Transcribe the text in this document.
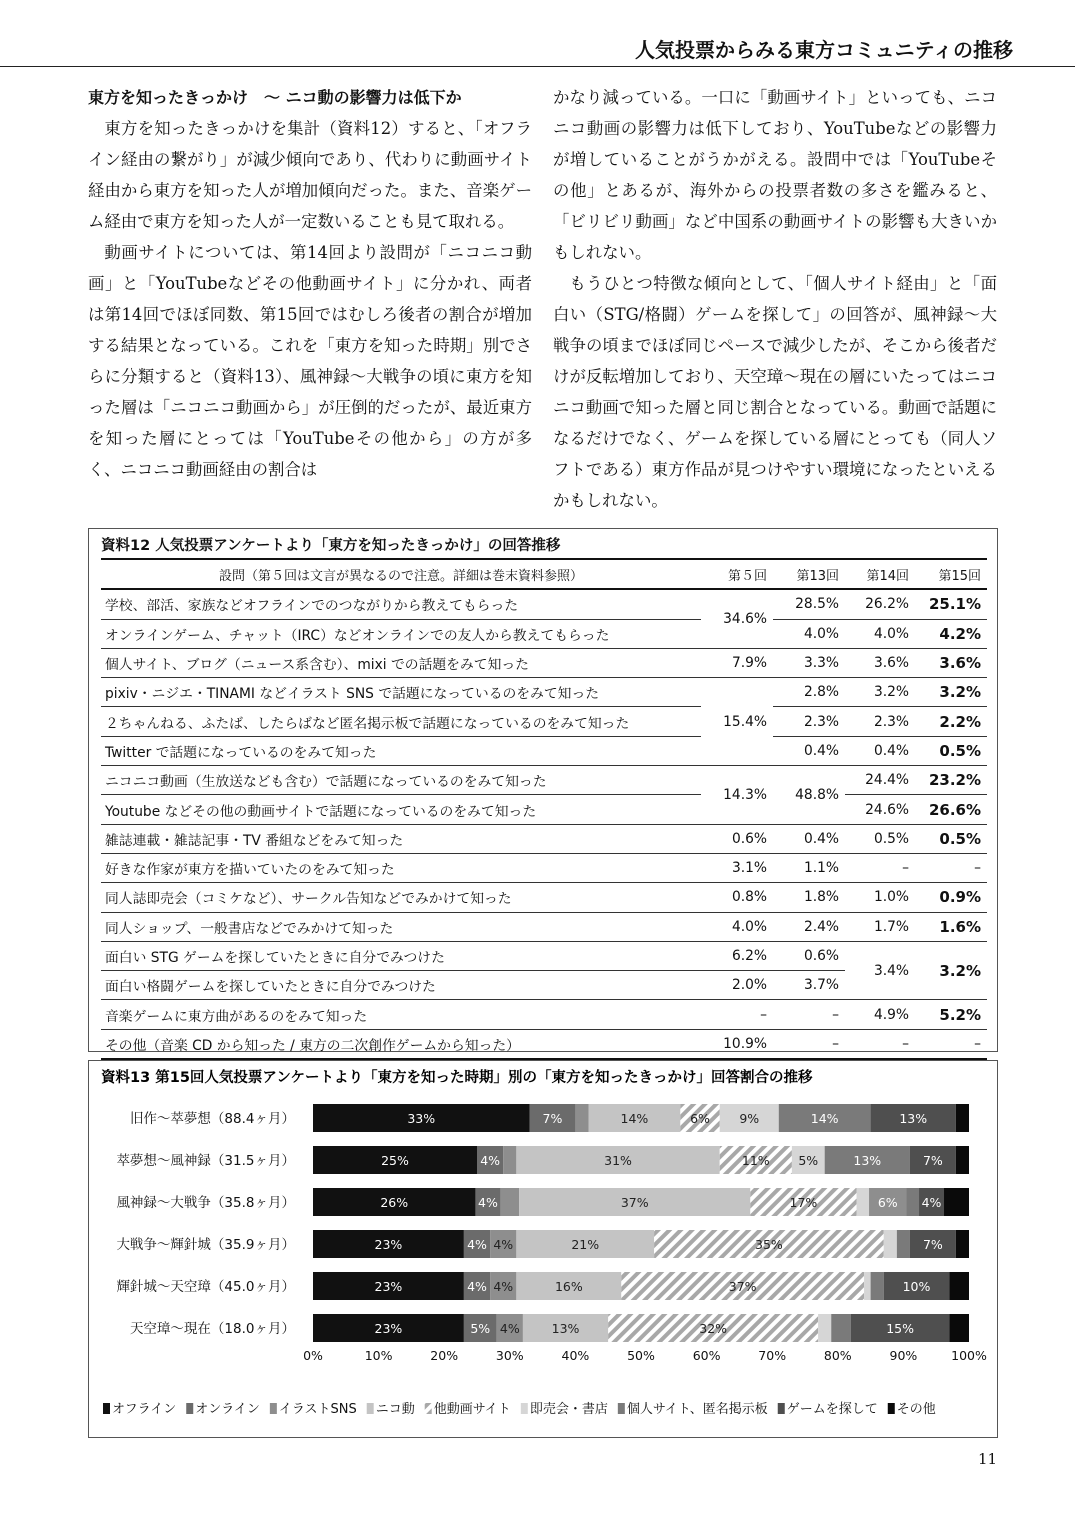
人気投票からみる東方コミュニティの推移
東方を知ったきっかけ　〜 ニコ動の影響力は低下か

東方を知ったきっかけを集計（資料12）すると、「オフライン経由の繋がり」が減少傾向であり、代わりに動画サイト経由から東方を知った人が増加傾向だった。また、音楽ゲーム経由で東方を知った人が一定数いることも見て取れる。

動画サイトについては、第14回より設問が「ニコニコ動画」と「YouTubeなどその他動画サイト」に分かれ、両者は第14回でほぼ同数、第15回ではむしろ後者の割合が増加する結果となっている。これを「東方を知った時期」別でさらに分類すると（資料13）、風神録〜大戦争の頃に東方を知った層は「ニコニコ動画から」が圧倒的だったが、最近東方を知った層にとっては「YouTubeその他から」の方が多く、ニコニコ動画経由の割合は

かなり減っている。一口に「動画サイト」といっても、ニコニコ動画の影響力は低下しており、YouTubeなどの影響力が増していることがうかがえる。設問中では「YouTubeその他」とあるが、海外からの投票者数の多さを鑑みると、「ビリビリ動画」など中国系の動画サイトの影響も大きいかもしれない。

もうひとつ特徴な傾向として、「個人サイト経由」と「面白い（STG/格闘）ゲームを探して」の回答が、風神録〜大戦争の頃までほぼ同じペースで減少したが、そこから後者だけが反転増加しており、天空璋〜現在の層にいたってはニコニコ動画で知った層と同じ割合となっている。動画で話題になるだけでなく、ゲームを探している層にとっても（同人ソフトである）東方作品が見つけやすい環境になったといえるかもしれない。

資料12 人気投票アンケートより「東方を知ったきっかけ」の回答推移
設問（第５回は文言が異なるので注意。詳細は巻末資料参照）	第５回	第13回	第14回	第15回
学校、部活、家族などオフラインでのつながりから教えてもらった	34.6%	28.5%	26.2%	25.1%
オンラインゲーム、チャット（IRC）などオンラインでの友人から教えてもらった		4.0%	4.0%	4.2%
個人サイト、ブログ（ニュース系含む）、mixi での話題をみて知った	7.9%	3.3%	3.6%	3.6%
pixiv・ニジエ・TINAMI などイラスト SNS で話題になっているのをみて知った	15.4%	2.8%	3.2%	3.2%
２ちゃんねる、ふたば、したらばなど匿名掲示板で話題になっているのをみて知った		2.3%	2.3%	2.2%
Twitter で話題になっているのをみて知った		0.4%	0.4%	0.5%
ニコニコ動画（生放送なども含む）で話題になっているのをみて知った	14.3%	48.8%	24.4%	23.2%
Youtube などその他の動画サイトで話題になっているのをみて知った			24.6%	26.6%
雑誌連載・雑誌記事・TV 番組などをみて知った	0.6%	0.4%	0.5%	0.5%
好きな作家が東方を描いていたのをみて知った	3.1%	1.1%	–	–
同人誌即売会（コミケなど）、サークル告知などでみかけて知った	0.8%	1.8%	1.0%	0.9%
同人ショップ、一般書店などでみかけて知った	4.0%	2.4%	1.7%	1.6%
面白い STG ゲームを探していたときに自分でみつけた	6.2%	0.6%	3.4%	3.2%
面白い格闘ゲームを探していたときに自分でみつけた	2.0%	3.7%		
音楽ゲームに東方曲があるのをみて知った	–	–	4.9%	5.2%
その他（音楽 CD から知った / 東方の二次創作ゲームから知った）	10.9%	–	–	–
資料13 第15回人気投票アンケートより「東方を知った時期」別の「東方を知ったきっかけ」回答割合の推移
旧作〜萃夢想（88.4ヶ月）	33%	7%	14%	6% 9%	14%	13%
萃夢想〜風神録（31.5ヶ月）	25%	4%	31%	11% 5%	13%	7%
風神録〜大戦争（35.8ヶ月）	26%	4%	37%	17%	6% 4%
大戦争〜輝針城（35.9ヶ月）	23%	4% 4%	21%	35%	7%
輝針城〜天空璋（45.0ヶ月）	23%	4% 4%	16%	37%	10%
天空璋〜現在（18.0ヶ月）	23%	5% 4%	13%	32%	15%
0%	10%	20%	30%	40%	50%	60%	70%	80%	90%	100%
オフライン オンライン イラストSNS ニコ動 他動画サイト 即売会・書店 個人サイト、匿名掲示板 ゲームを探して その他
11
